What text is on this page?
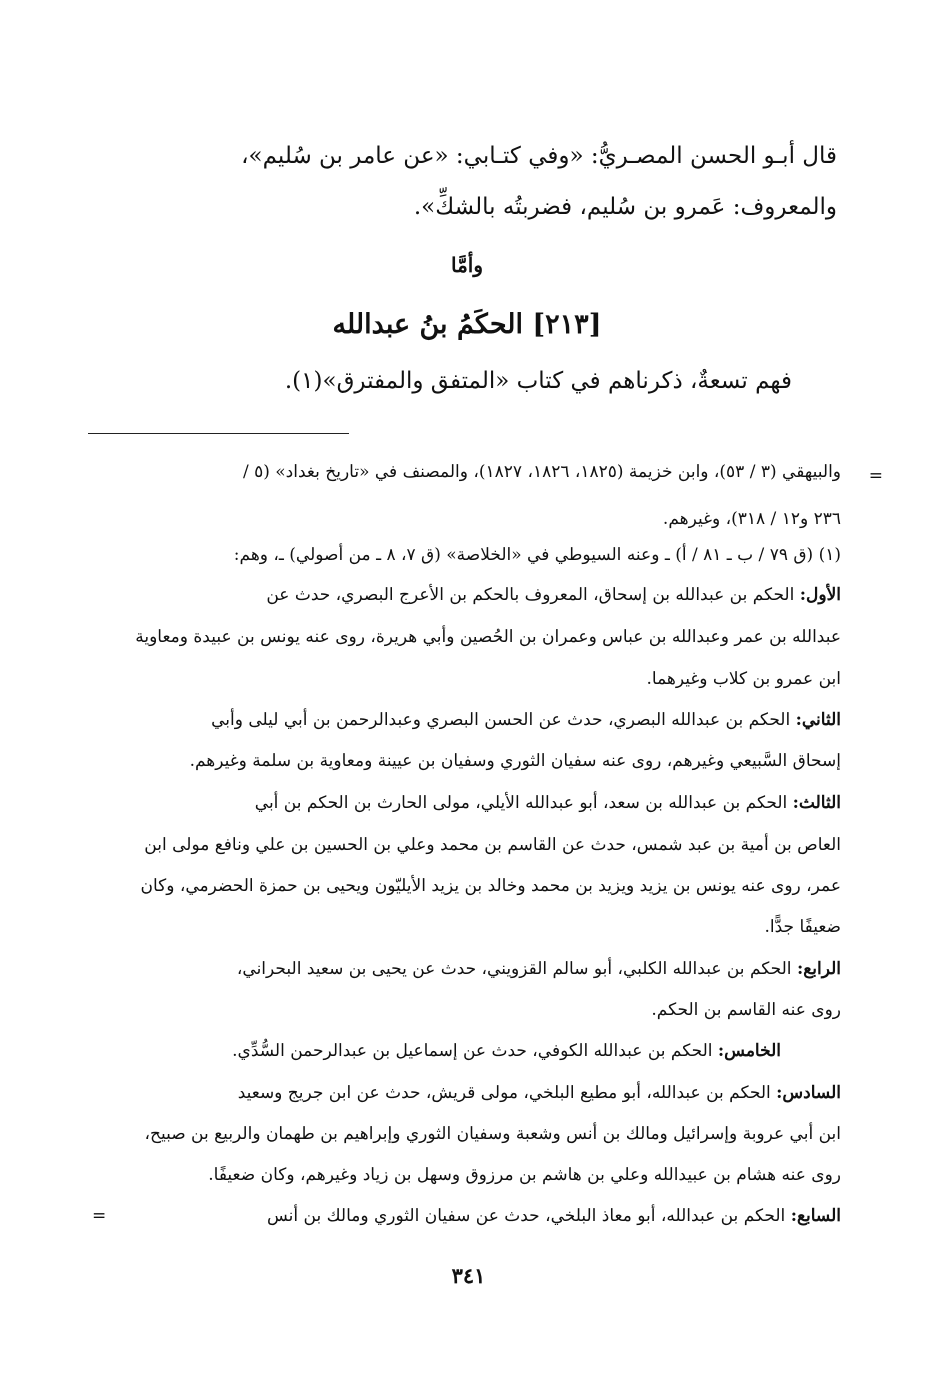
قال أبـو الحسن المصـريُّ: «وفي كتـابي: «عن عامر بن سُليم»،
والمعروف: عَمرو بن سُليم، فضربتُه بالشكِّ».
وأمَّا
[٢١٣] الحكَمُ بنُ عبدالله
فهم تسعةٌ، ذكرناهم في كتاب «المتفق والمفترق»(١).
=
والبيهقي (٣ / ٥٣)، وابن خزيمة (١٨٢٥، ١٨٢٦، ١٨٢٧)، والمصنف في «تاريخ بغداد» (٥ /
٢٣٦ و١٢ / ٣١٨)، وغيرهم.
(١) (ق ٧٩ / ب ـ ٨١ / أ) ـ وعنه السيوطي في «الخلاصة» (ق ٧، ٨ ـ من أصولي) ـ، وهم:
الأول: الحكم بن عبدالله بن إسحاق، المعروف بالحكم بن الأعرج البصري، حدث عن
عبدالله بن عمر وعبدالله بن عباس وعمران بن الحُصين وأبي هريرة، روى عنه يونس بن عبيدة ومعاوية
ابن عمرو بن كلاب وغيرهما.
الثاني: الحكم بن عبدالله البصري، حدث عن الحسن البصري وعبدالرحمن بن أبي ليلى وأبي
إسحاق السَّبيعي وغيرهم، روى عنه سفيان الثوري وسفيان بن عيينة ومعاوية بن سلمة وغيرهم.
الثالث: الحكم بن عبدالله بن سعد، أبو عبدالله الأيلي، مولى الحارث بن الحكم بن أبي
العاص بن أمية بن عبد شمس، حدث عن القاسم بن محمد وعلي بن الحسين بن علي ونافع مولى ابن
عمر، روى عنه يونس بن يزيد ويزيد بن محمد وخالد بن يزيد الأيليّون ويحيى بن حمزة الحضرمي، وكان
ضعيفًا جدًّا.
الرابع: الحكم بن عبدالله الكلبي، أبو سالم القزويني، حدث عن يحيى بن سعيد البحراني،
روى عنه القاسم بن الحكم.
الخامس: الحكم بن عبدالله الكوفي، حدث عن إسماعيل بن عبدالرحمن السُّدِّي.
السادس: الحكم بن عبدالله، أبو مطيع البلخي، مولى قريش، حدث عن ابن جريج وسعيد
ابن أبي عروبة وإسرائيل ومالك بن أنس وشعبة وسفيان الثوري وإبراهيم بن طهمان والربيع بن صبيح،
روى عنه هشام بن عبيدالله وعلي بن هاشم بن مرزوق وسهل بن زياد وغيرهم، وكان ضعيفًا.
السابع: الحكم بن عبدالله، أبو معاذ البلخي، حدث عن سفيان الثوري ومالك بن أنس
=
٣٤١
